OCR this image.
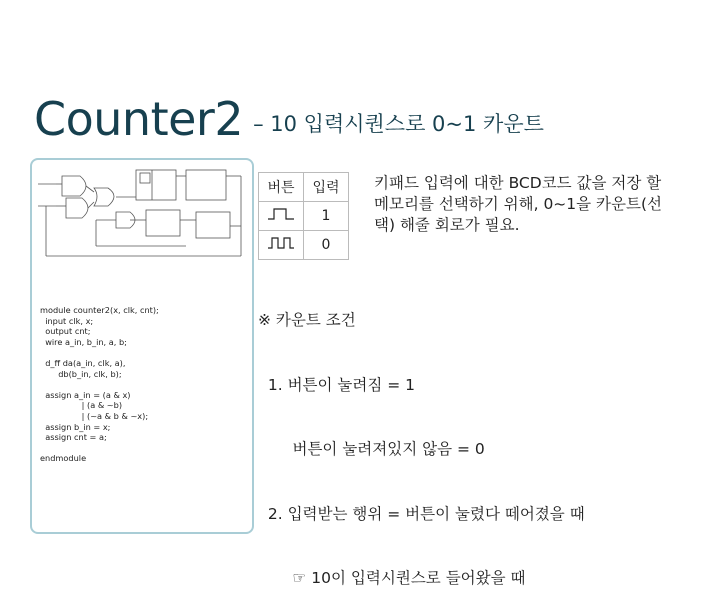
Counter2 – 10 입력시퀀스로 0~1 카운트
module counter2(x, clk, cnt);
input clk, x;
output cnt;
wire a_in, b_in, a, b;

d_ff da(a_in, clk, a),
db(b_in, clk, b);

assign a_in = (a & x)
| (a & ~b)
| (~a & b & ~x);
assign b_in = x;
assign cnt = a;

endmodule
버튼	입력
	1
	0
키패드 입력에 대한 BCD코드 값을 저장 할 메모리를 선택하기 위해, 0~1을 카운트(선택) 해줄 회로가 필요.

※ 카운트 조건

1. 버튼이 눌려짐 = 1

버튼이 눌려져있지 않음 = 0

2. 입력받는 행위 = 버튼이 눌렸다 떼어졌을 때

☞ 10이 입력시퀀스로 들어왔을 때
